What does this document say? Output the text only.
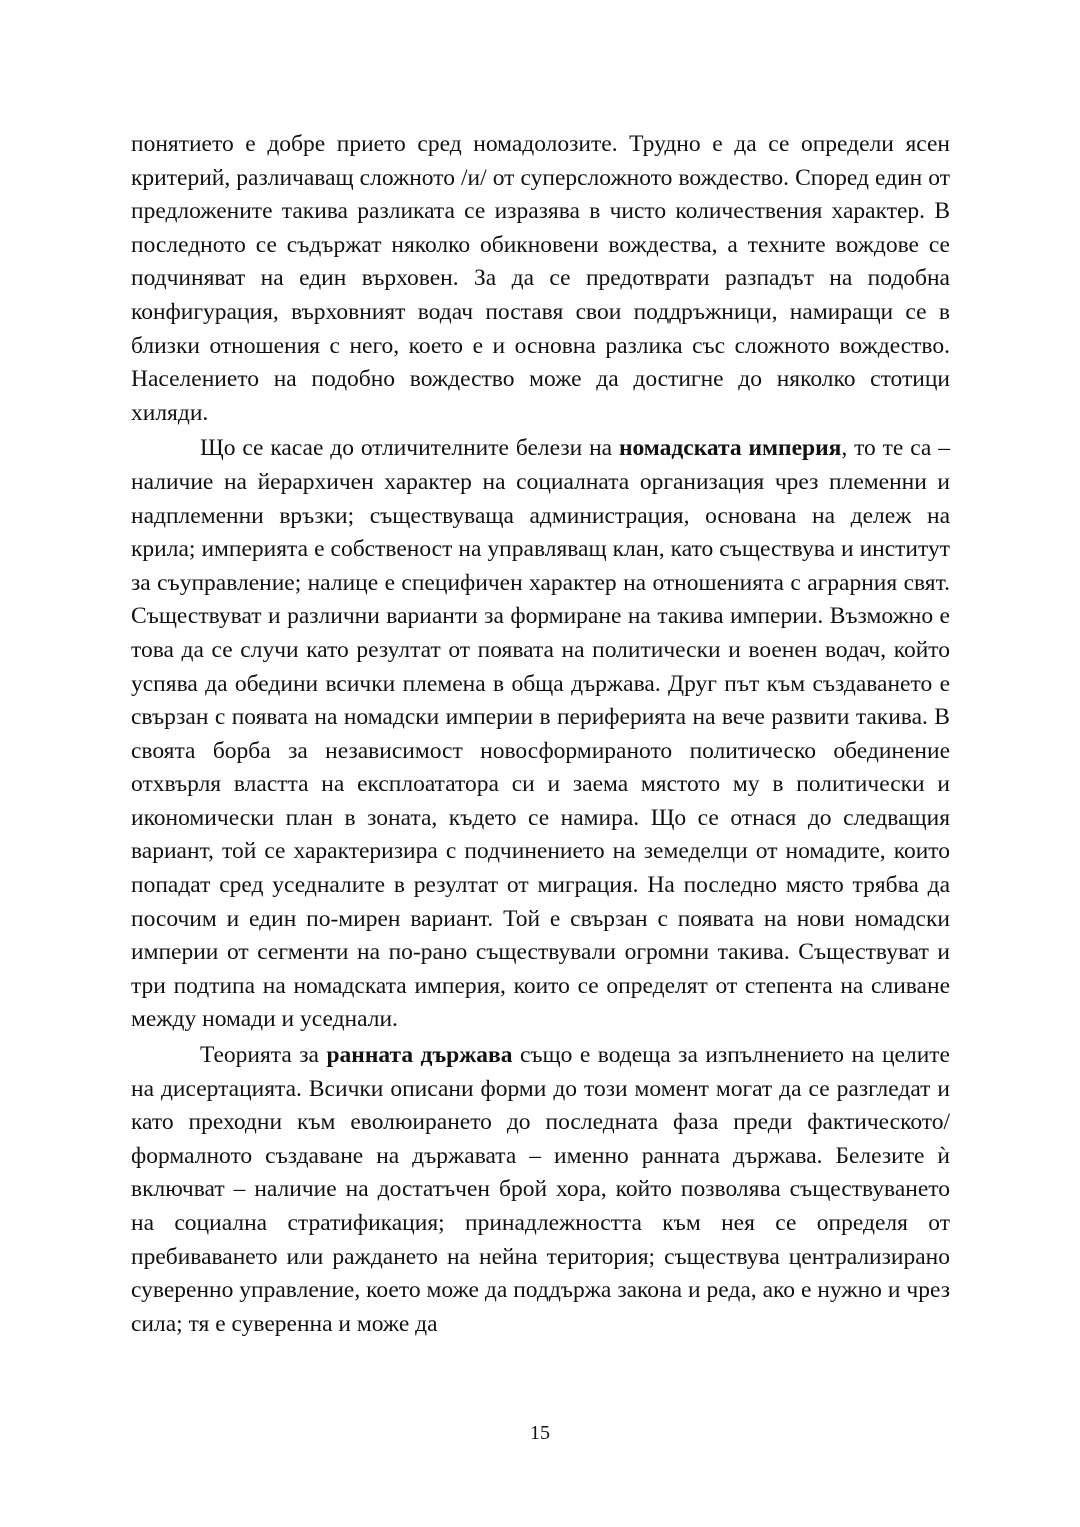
понятието е добре прието сред номадолозите. Трудно е да се определи ясен критерий, различаващ сложното /и/ от суперсложното вождество. Според един от предложените такива разликата се изразява в чисто количествения характер. В последното се съдържат няколко обикновени вождества, а техните вождове се подчиняват на един върховен. За да се предотврати разпадът на подобна конфигурация, върховният водач поставя свои поддръжници, намиращи се в близки отношения с него, което е и основна разлика със сложното вождество. Населението на подобно вождество може да достигне до няколко стотици хиляди.

Що се касае до отличителните белези на номадската империя, то те са – наличие на йерархичен характер на социалната организация чрез племенни и надплеменни връзки; съществуваща администрация, основана на дележ на крила; империята е собственост на управляващ клан, като съществува и институт за съуправление; налице е специфичен характер на отношенията с аграрния свят. Съществуват и различни варианти за формиране на такива империи. Възможно е това да се случи като резултат от появата на политически и военен водач, който успява да обедини всички племена в обща държава. Друг път към създаването е свързан с появата на номадски империи в периферията на вече развити такива. В своята борба за независимост новосформираното политическо обединение отхвърля властта на експлоататора си и заема мястото му в политически и икономически план в зоната, където се намира. Що се отнася до следващия вариант, той се характеризира с подчинението на земеделци от номадите, които попадат сред уседналите в резултат от миграция. На последно място трябва да посочим и един по-мирен вариант. Той е свързан с появата на нови номадски империи от сегменти на по-рано съществували огромни такива. Съществуват и три подтипа на номадската империя, които се определят от степента на сливане между номади и уседнали.

Теорията за ранната държава също е водеща за изпълнението на целите на дисертацията. Всички описани форми до този момент могат да се разгледат и като преходни към еволюирането до последната фаза преди фактическото/формалното създаване на държавата – именно ранната държава. Белезите ѝ включват – наличие на достатъчен брой хора, който позволява съществуването на социална стратификация; принадлежността към нея се определя от пребиваването или раждането на нейна територия; съществува централизирано суверенно управление, което може да поддържа закона и реда, ако е нужно и чрез сила; тя е суверенна и може да

15
